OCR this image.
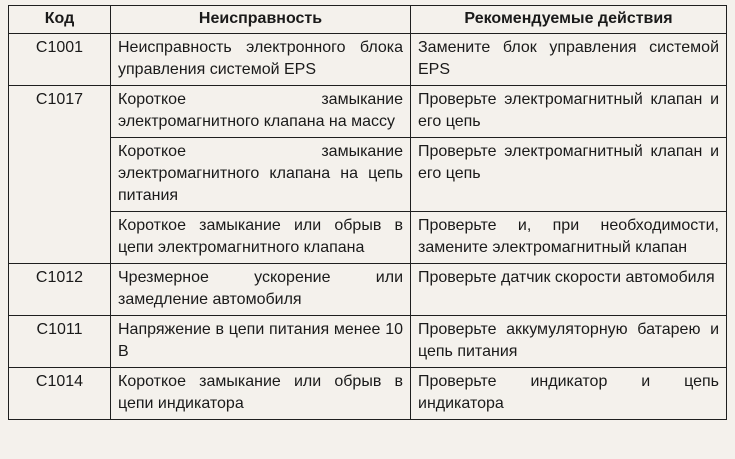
Код	Неисправность	Рекомендуемые действия
C1001	Неисправность электронного блока управления системой EPS	Замените блок управления системой EPS
C1017	Короткое замыкание электромагнитного клапана на массу	Проверьте электромагнитный клапан и его цепь
	Короткое замыкание электромагнитного клапана на цепь питания	Проверьте электромагнитный клапан и его цепь
	Короткое замыкание или обрыв в цепи электромагнитного клапана	Проверьте и, при необходимости, замените электромагнитный клапан
C1012	Чрезмерное ускорение или замедление автомобиля	Проверьте датчик скорости автомобиля
C1011	Напряжение в цепи питания менее 10 В	Проверьте аккумуляторную батарею и цепь питания
C1014	Короткое замыкание или обрыв в цепи индикатора	Проверьте индикатор и цепь индикатора
